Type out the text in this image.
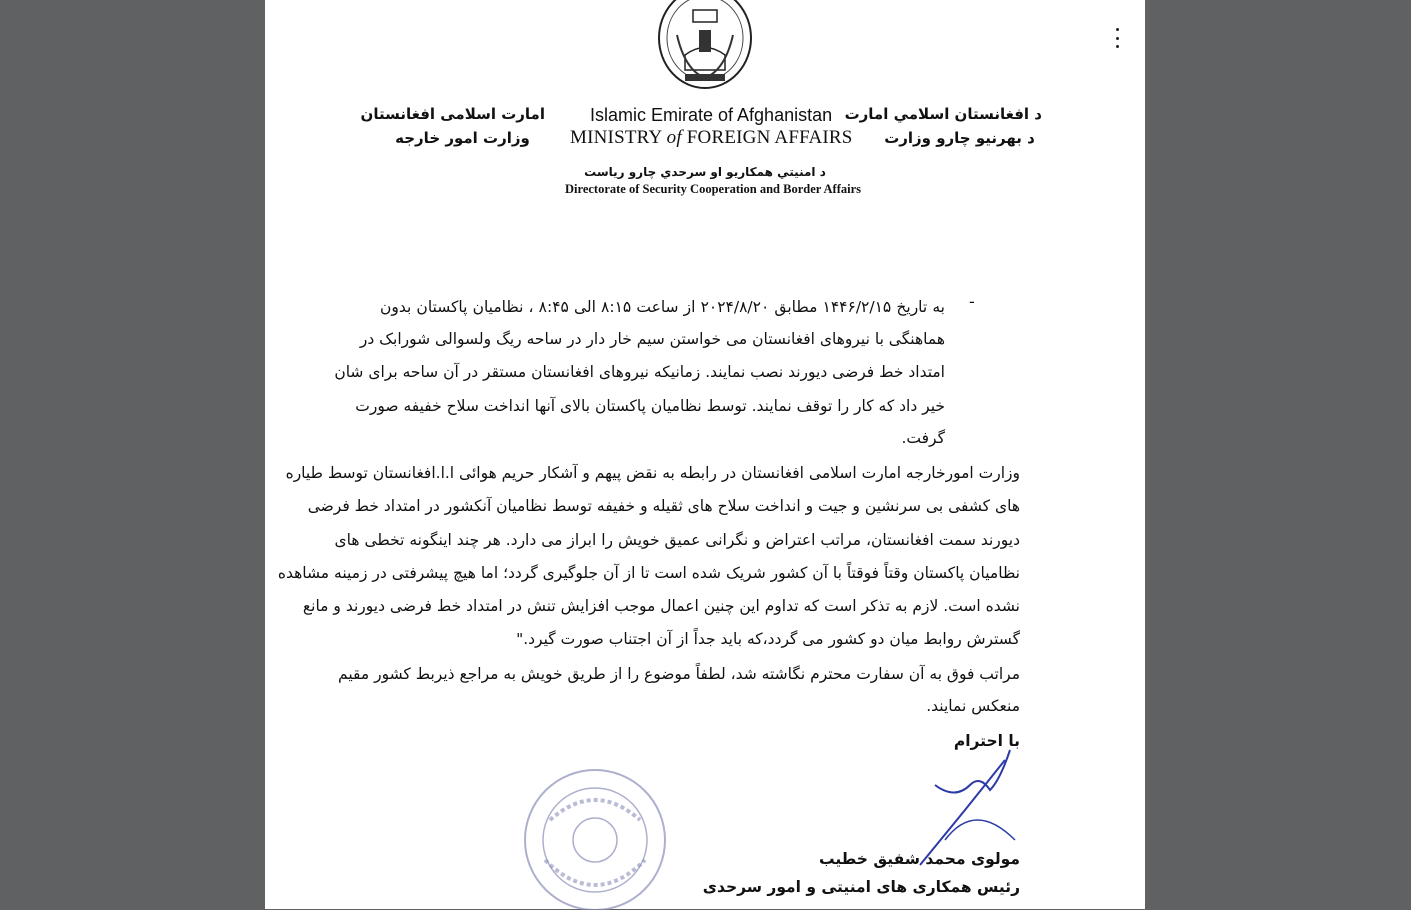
د افغانستان اسلامي امارت
د بهرنيو چارو وزارت
Islamic Emirate of Afghanistan
MINISTRY of FOREIGN AFFAIRS
امارت اسلامی افغانستان
وزارت امور خارجه
د امنيتي همکاريو او سرحدي چارو رياست
Directorate of Security Cooperation and Border Affairs
-
به تاریخ ۱۴۴۶/۲/۱۵ مطابق ۲۰۲۴/۸/۲۰ از ساعت ۸:۱۵ الی ۸:۴۵ ، نظامیان پاکستان بدون
هماهنگی با نیروهای افغانستان می خواستن سیم خار دار در ساحه ریگ ولسوالی شورابک در
امتداد خط فرضی دیورند نصب نمایند. زمانیکه نیروهای افغانستان مستقر در آن ساحه برای شان
خیر داد که کار را توقف نمایند. توسط نظامیان پاکستان بالای آنها انداخت سلاح خفیفه صورت
گرفت.
وزارت امورخارجه امارت اسلامی افغانستان در رابطه به نقض پیهم و آشکار حریم هوائی ا.ا.افغانستان توسط طیاره
های کشفی بی سرنشین و جیت و انداخت سلاح های ثقیله و خفیفه توسط نظامیان آنکشور در امتداد خط فرضی
دیورند سمت افغانستان، مراتب اعتراض و نگرانی عمیق خویش را ابراز می دارد. هر چند اینگونه تخطی های
نظامیان پاکستان وقتاً فوقتاً با آن کشور شریک شده است تا از آن جلوگیری گردد؛ اما هیچ پیشرفتی در زمینه مشاهده
نشده است. لازم به تذکر است که تداوم این چنین اعمال موجب افزایش تنش در امتداد خط فرضی دیورند و مانع
گسترش روابط میان دو کشور می گردد،که باید جداً از آن اجتناب صورت گیرد."
مراتب فوق به آن سفارت محترم نگاشته شد، لطفاً موضوع را از طریق خویش به مراجع ذیربط کشور مقیم
منعکس نمایند.
با احترام
مولوی محمد شفیق خطیب
رئیس همکاری های امنیتی و امور سرحدی
